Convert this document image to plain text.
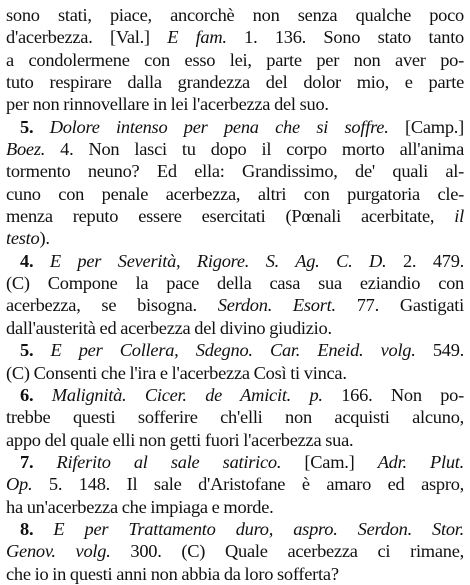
sono stati, piace, ancorchè non senza qualche poco
d'acerbezza. [Val.] E fam. 1. 136. Sono stato tanto
a condolermene con esso lei, parte per non aver po-
tuto respirare dalla grandezza del dolor mio, e parte
per non rinnovellare in lei l'acerbezza del suo.
5. Dolore intenso per pena che si soffre. [Camp.]
Boez. 4. Non lasci tu dopo il corpo morto all'anima
tormento neuno? Ed ella: Grandissimo, de' quali al-
cuno con penale acerbezza, altri con purgatoria cle-
menza reputo essere esercitati (Pœnali acerbitate, il
testo).
4. E per Severità, Rigore. S. Ag. C. D. 2. 479.
(C) Compone la pace della casa sua eziandio con
acerbezza, se bisogna. Serdon. Esort. 77. Gastigati
dall'austerità ed acerbezza del divino giudizio.
5. E per Collera, Sdegno. Car. Eneid. volg. 549.
(C) Consenti che l'ira e l'acerbezza Così ti vinca.
6. Malignità. Cicer. de Amicit. p. 166. Non po-
trebbe questi sofferire ch'elli non acquisti alcuno,
appo del quale elli non getti fuori l'acerbezza sua.
7. Riferito al sale satirico. [Cam.] Adr. Plut.
Op. 5. 148. Il sale d'Aristofane è amaro ed aspro,
ha un'acerbezza che impiaga e morde.
8. E per Trattamento duro, aspro. Serdon. Stor.
Genov. volg. 300. (C) Quale acerbezza ci rimane,
che io in questi anni non abbia da loro sofferta?
